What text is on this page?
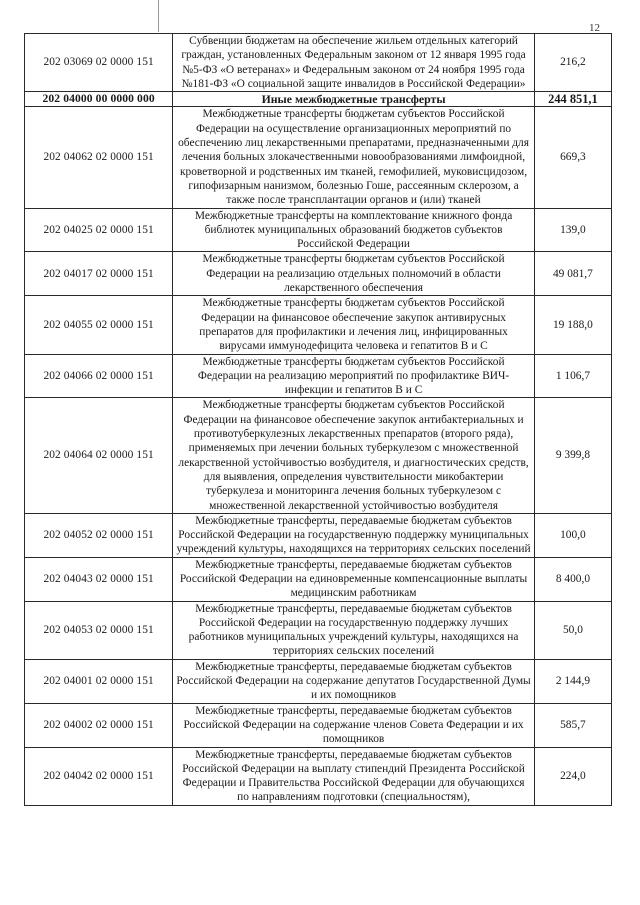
12
202 03069 02 0000 151	Субвенции бюджетам на обеспечение жильем отдельных категорий граждан, установленных Федеральным законом от 12 января 1995 года №5-ФЗ «О ветеранах» и Федеральным законом от 24 ноября 1995 года №181-ФЗ «О социальной защите инвалидов в Российской Федерации»	216,2
202 04000 00 0000 000	Иные межбюджетные трансферты	244 851,1
202 04062 02 0000 151	Межбюджетные трансферты бюджетам субъектов Российской Федерации на осуществление организационных мероприятий по обеспечению лиц лекарственными препаратами, предназначенными для лечения больных злокачественными новообразованиями лимфоидной, кроветворной и родственных им тканей, гемофилией, муковисцидозом, гипофизарным нанизмом, болезнью Гоше, рассеянным склерозом, а также после трансплантации органов и (или) тканей	669,3
202 04025 02 0000 151	Межбюджетные трансферты на комплектование книжного фонда библиотек муниципальных образований бюджетов субъектов Российской Федерации	139,0
202 04017 02 0000 151	Межбюджетные трансферты бюджетам субъектов Российской Федерации на реализацию отдельных полномочий в области лекарственного обеспечения	49 081,7
202 04055 02 0000 151	Межбюджетные трансферты бюджетам субъектов Российской Федерации на финансовое обеспечение закупок антивирусных препаратов для профилактики и лечения лиц, инфицированных вирусами иммунодефицита человека и гепатитов В и С	19 188,0
202 04066 02 0000 151	Межбюджетные трансферты бюджетам субъектов Российской Федерации на реализацию мероприятий по профилактике ВИЧ-инфекции и гепатитов В и С	1 106,7
202 04064 02 0000 151	Межбюджетные трансферты бюджетам субъектов Российской Федерации на финансовое обеспечение закупок антибактериальных и противотуберкулезных лекарственных препаратов (второго ряда), применяемых при лечении больных туберкулезом с множественной лекарственной устойчивостью возбудителя, и диагностических средств, для выявления, определения чувствительности микобактерии туберкулеза и мониторинга лечения больных туберкулезом с множественной лекарственной устойчивостью возбудителя	9 399,8
202 04052 02 0000 151	Межбюджетные трансферты, передаваемые бюджетам субъектов Российской Федерации на государственную поддержку муниципальных учреждений культуры, находящихся на территориях сельских поселений	100,0
202 04043 02 0000 151	Межбюджетные трансферты, передаваемые бюджетам субъектов Российской Федерации на единовременные компенсационные выплаты медицинским работникам	8 400,0
202 04053 02 0000 151	Межбюджетные трансферты, передаваемые бюджетам субъектов Российской Федерации на государственную поддержку лучших работников муниципальных учреждений культуры, находящихся на территориях сельских поселений	50,0
202 04001 02 0000 151	Межбюджетные трансферты, передаваемые бюджетам субъектов Российской Федерации на содержание депутатов Государственной Думы и их помощников	2 144,9
202 04002 02 0000 151	Межбюджетные трансферты, передаваемые бюджетам субъектов Российской Федерации на содержание членов Совета Федерации и их помощников	585,7
202 04042 02 0000 151	Межбюджетные трансферты, передаваемые бюджетам субъектов Российской Федерации на выплату стипендий Президента Российской Федерации и Правительства Российской Федерации для обучающихся по направлениям подготовки (специальностям),	224,0
